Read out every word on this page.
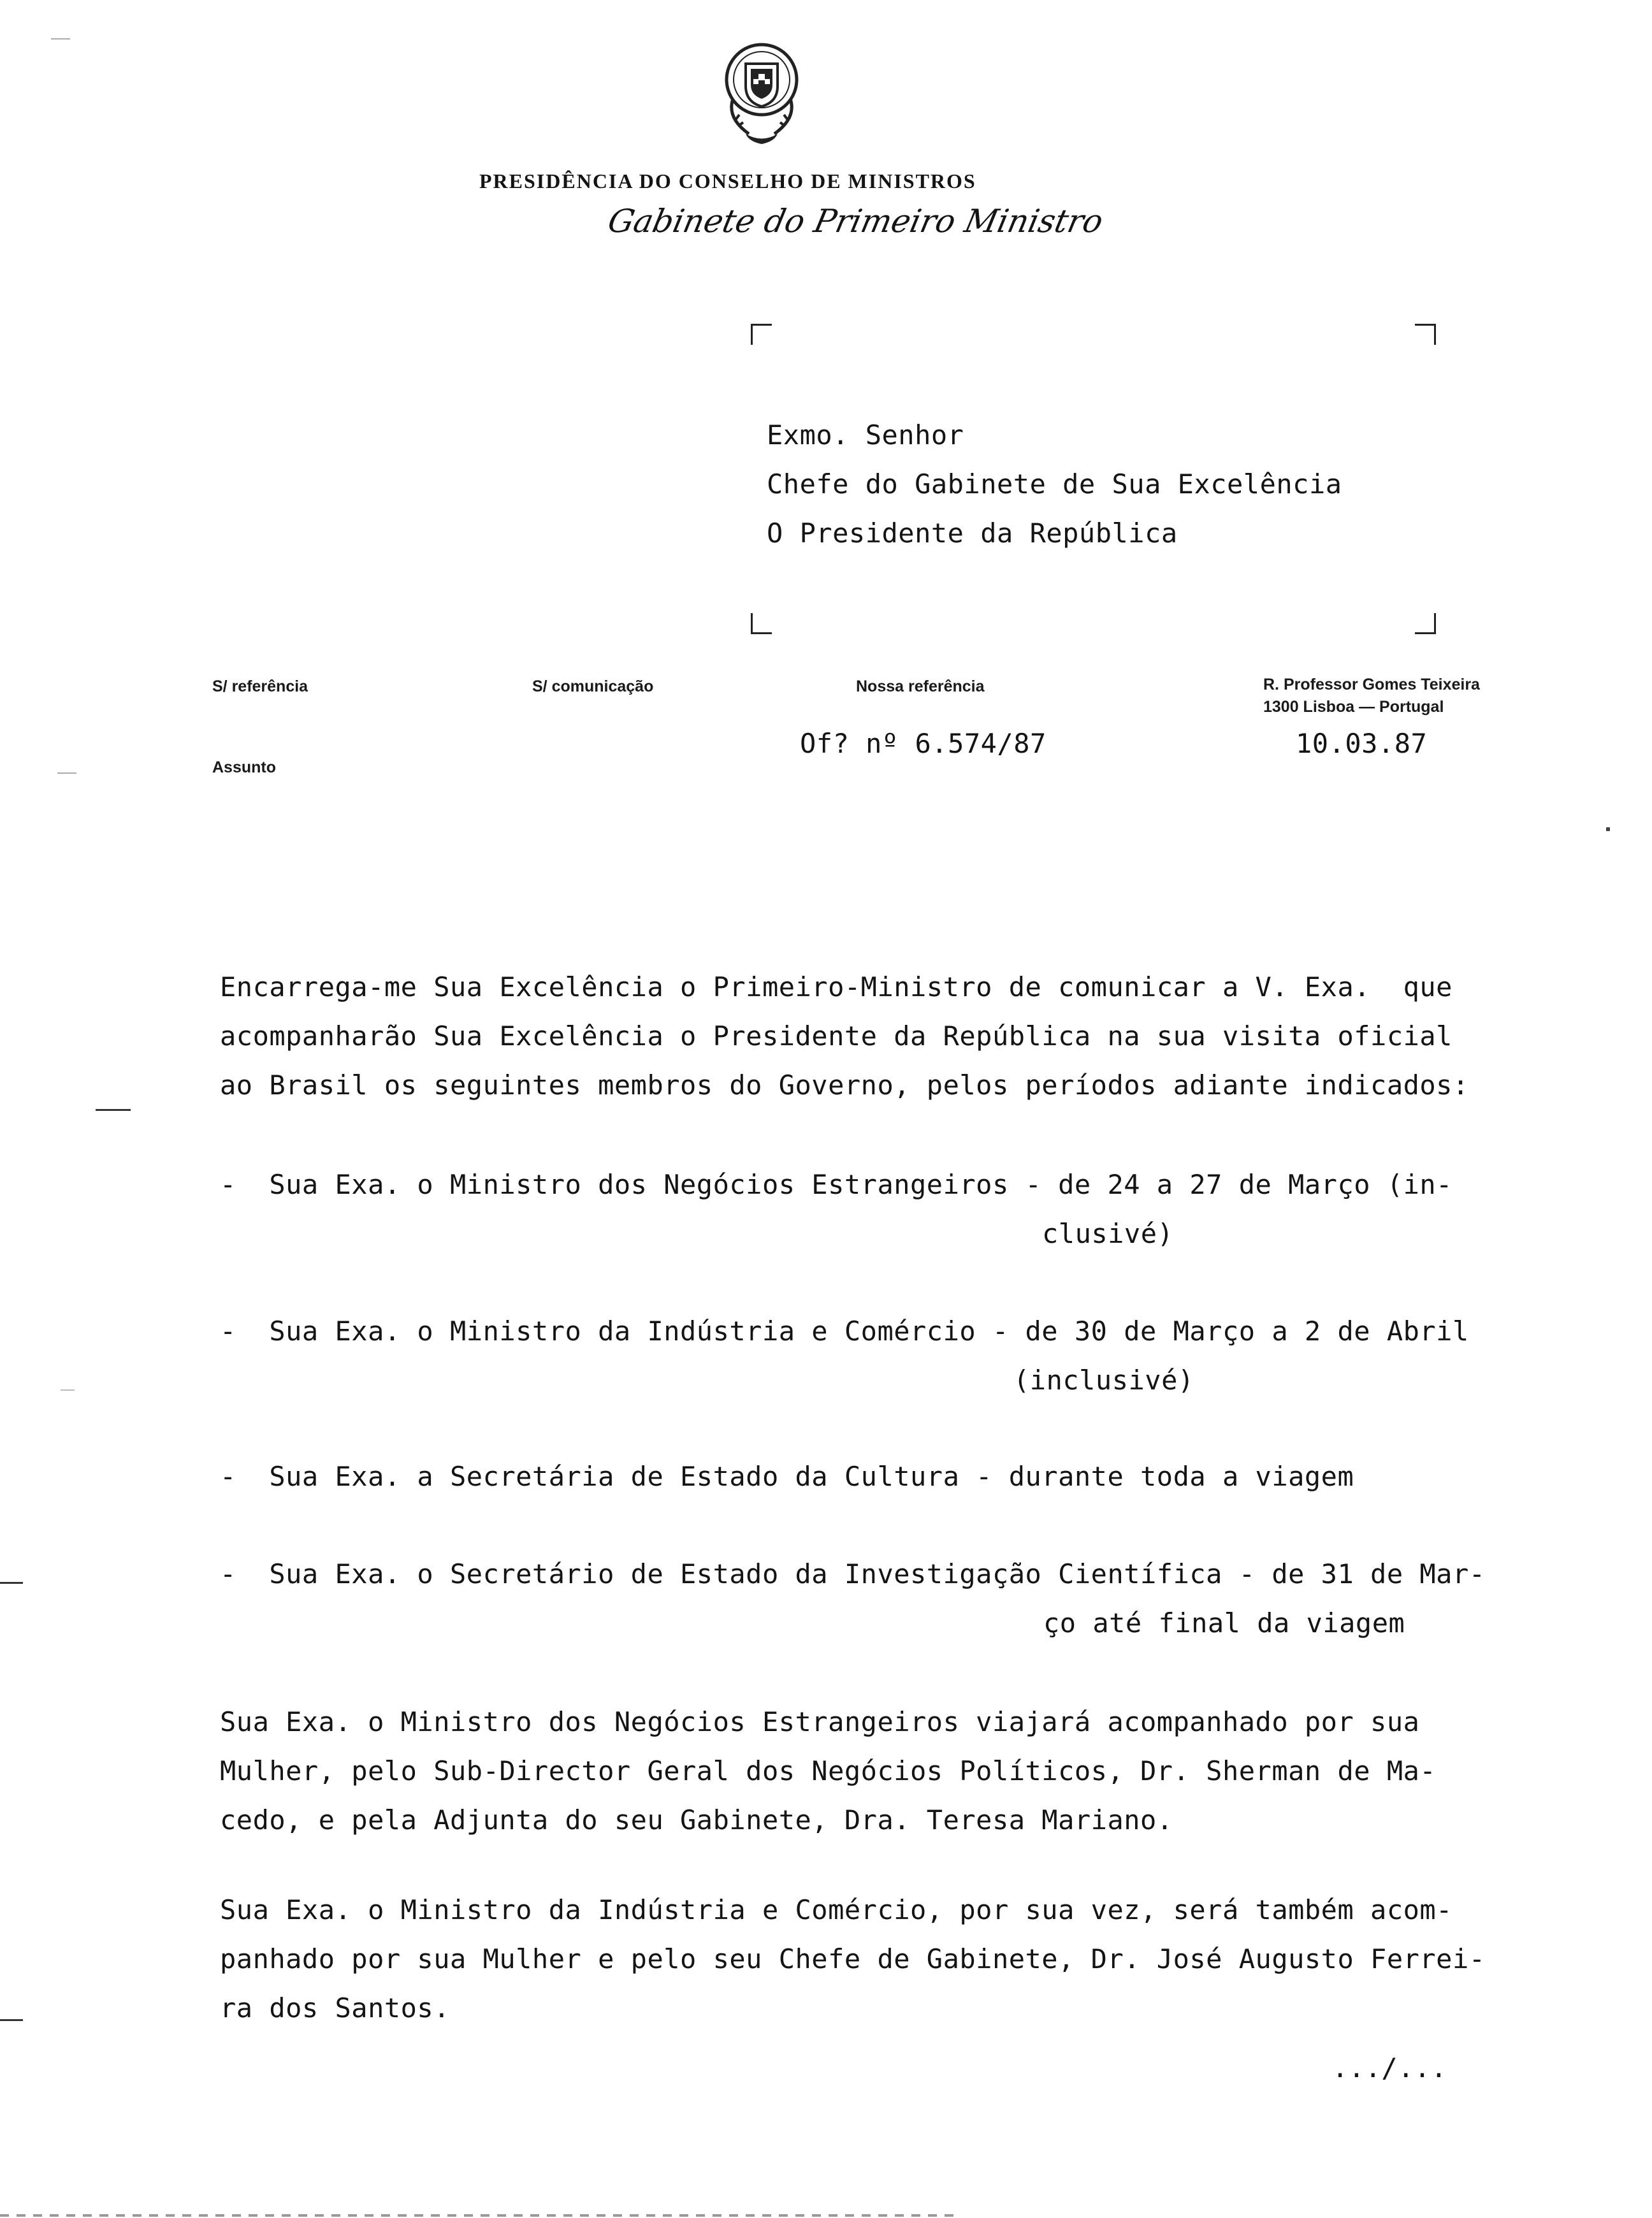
PRESIDÊNCIA DO CONSELHO DE MINISTROS
Gabinete do Primeiro Ministro
Exmo. Senhor
Chefe do Gabinete de Sua Excelência
O Presidente da República
S/ referência	S/ comunicação	Nossa referência	R. Professor Gomes Teixeira
1300 Lisboa — Portugal
Of? nº 6.574/87	10.03.87
Assunto
Encarrega-me Sua Excelência o Primeiro-Ministro de comunicar a V. Exa.  que
acompanharão Sua Excelência o Presidente da República na sua visita oficial
ao Brasil os seguintes membros do Governo, pelos períodos adiante indicados:
-  Sua Exa. o Ministro dos Negócios Estrangeiros - de 24 a 27 de Março (in-
clusivé)
-  Sua Exa. o Ministro da Indústria e Comércio - de 30 de Março a 2 de Abril
(inclusivé)
-  Sua Exa. a Secretária de Estado da Cultura - durante toda a viagem
-  Sua Exa. o Secretário de Estado da Investigação Científica - de 31 de Mar-
ço até final da viagem
Sua Exa. o Ministro dos Negócios Estrangeiros viajará acompanhado por sua
Mulher, pelo Sub-Director Geral dos Negócios Políticos, Dr. Sherman de Ma-
cedo, e pela Adjunta do seu Gabinete, Dra. Teresa Mariano.
Sua Exa. o Ministro da Indústria e Comércio, por sua vez, será também acom-
panhado por sua Mulher e pelo seu Chefe de Gabinete, Dr. José Augusto Ferrei-
ra dos Santos.
.../...
